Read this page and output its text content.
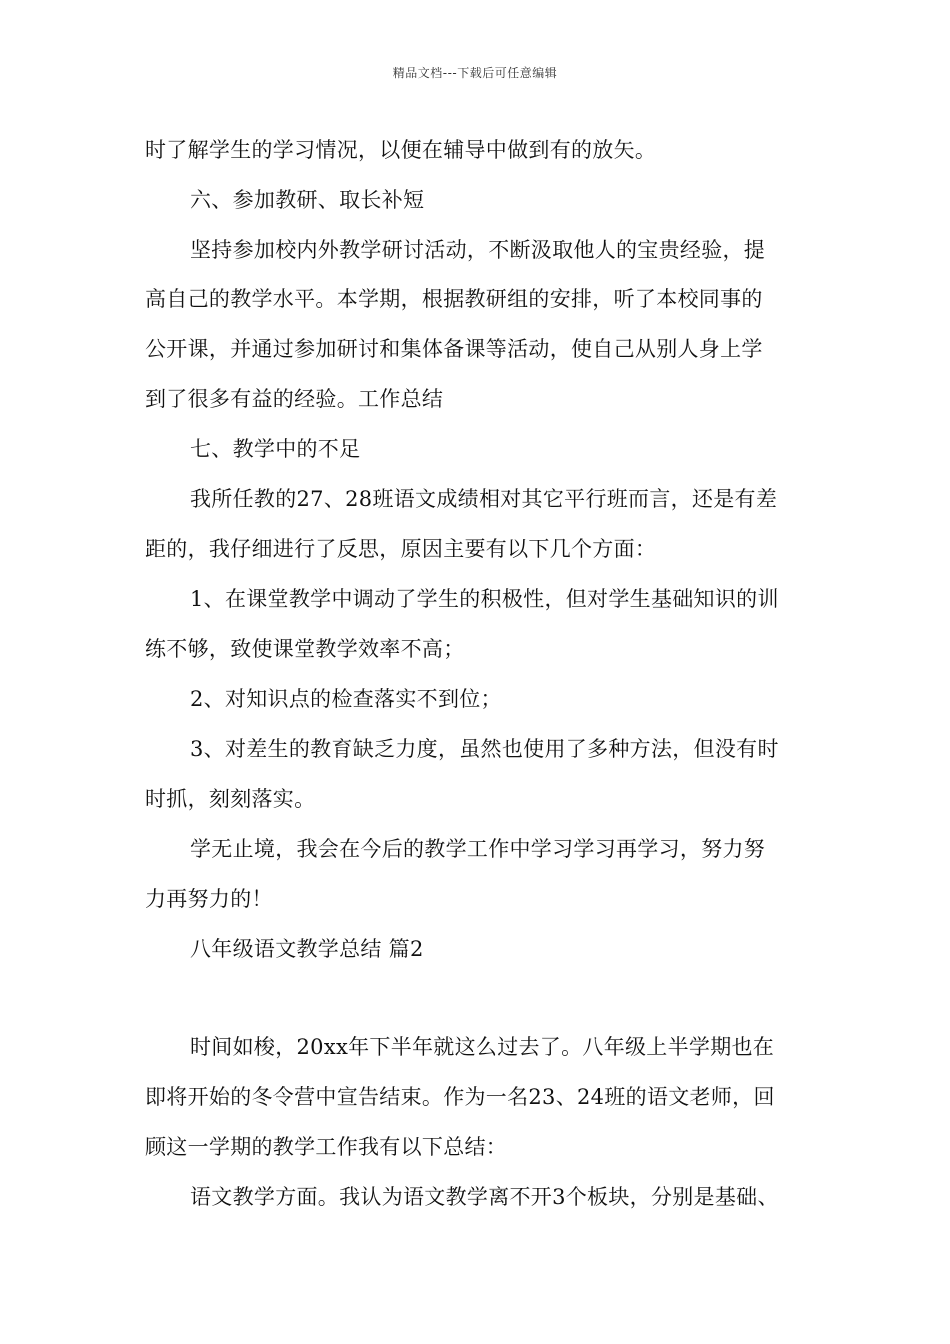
精品文档---下载后可任意编辑
时了解学生的学习情况，以便在辅导中做到有的放矢。
六、参加教研、取长补短
坚持参加校内外教学研讨活动，不断汲取他人的宝贵经验，提
高自己的教学水平。本学期，根据教研组的安排，听了本校同事的
公开课，并通过参加研讨和集体备课等活动，使自己从别人身上学
到了很多有益的经验。工作总结
七、教学中的不足
我所任教的27、28班语文成绩相对其它平行班而言，还是有差
距的，我仔细进行了反思，原因主要有以下几个方面：
1、在课堂教学中调动了学生的积极性，但对学生基础知识的训
练不够，致使课堂教学效率不高；
2、对知识点的检查落实不到位；
3、对差生的教育缺乏力度，虽然也使用了多种方法，但没有时
时抓，刻刻落实。
学无止境，我会在今后的教学工作中学习学习再学习，努力努
力再努力的！
八年级语文教学总结 篇2
时间如梭，20xx年下半年就这么过去了。八年级上半学期也在
即将开始的冬令营中宣告结束。作为一名23、24班的语文老师，回
顾这一学期的教学工作我有以下总结：
语文教学方面。我认为语文教学离不开3个板块，分别是基础、
